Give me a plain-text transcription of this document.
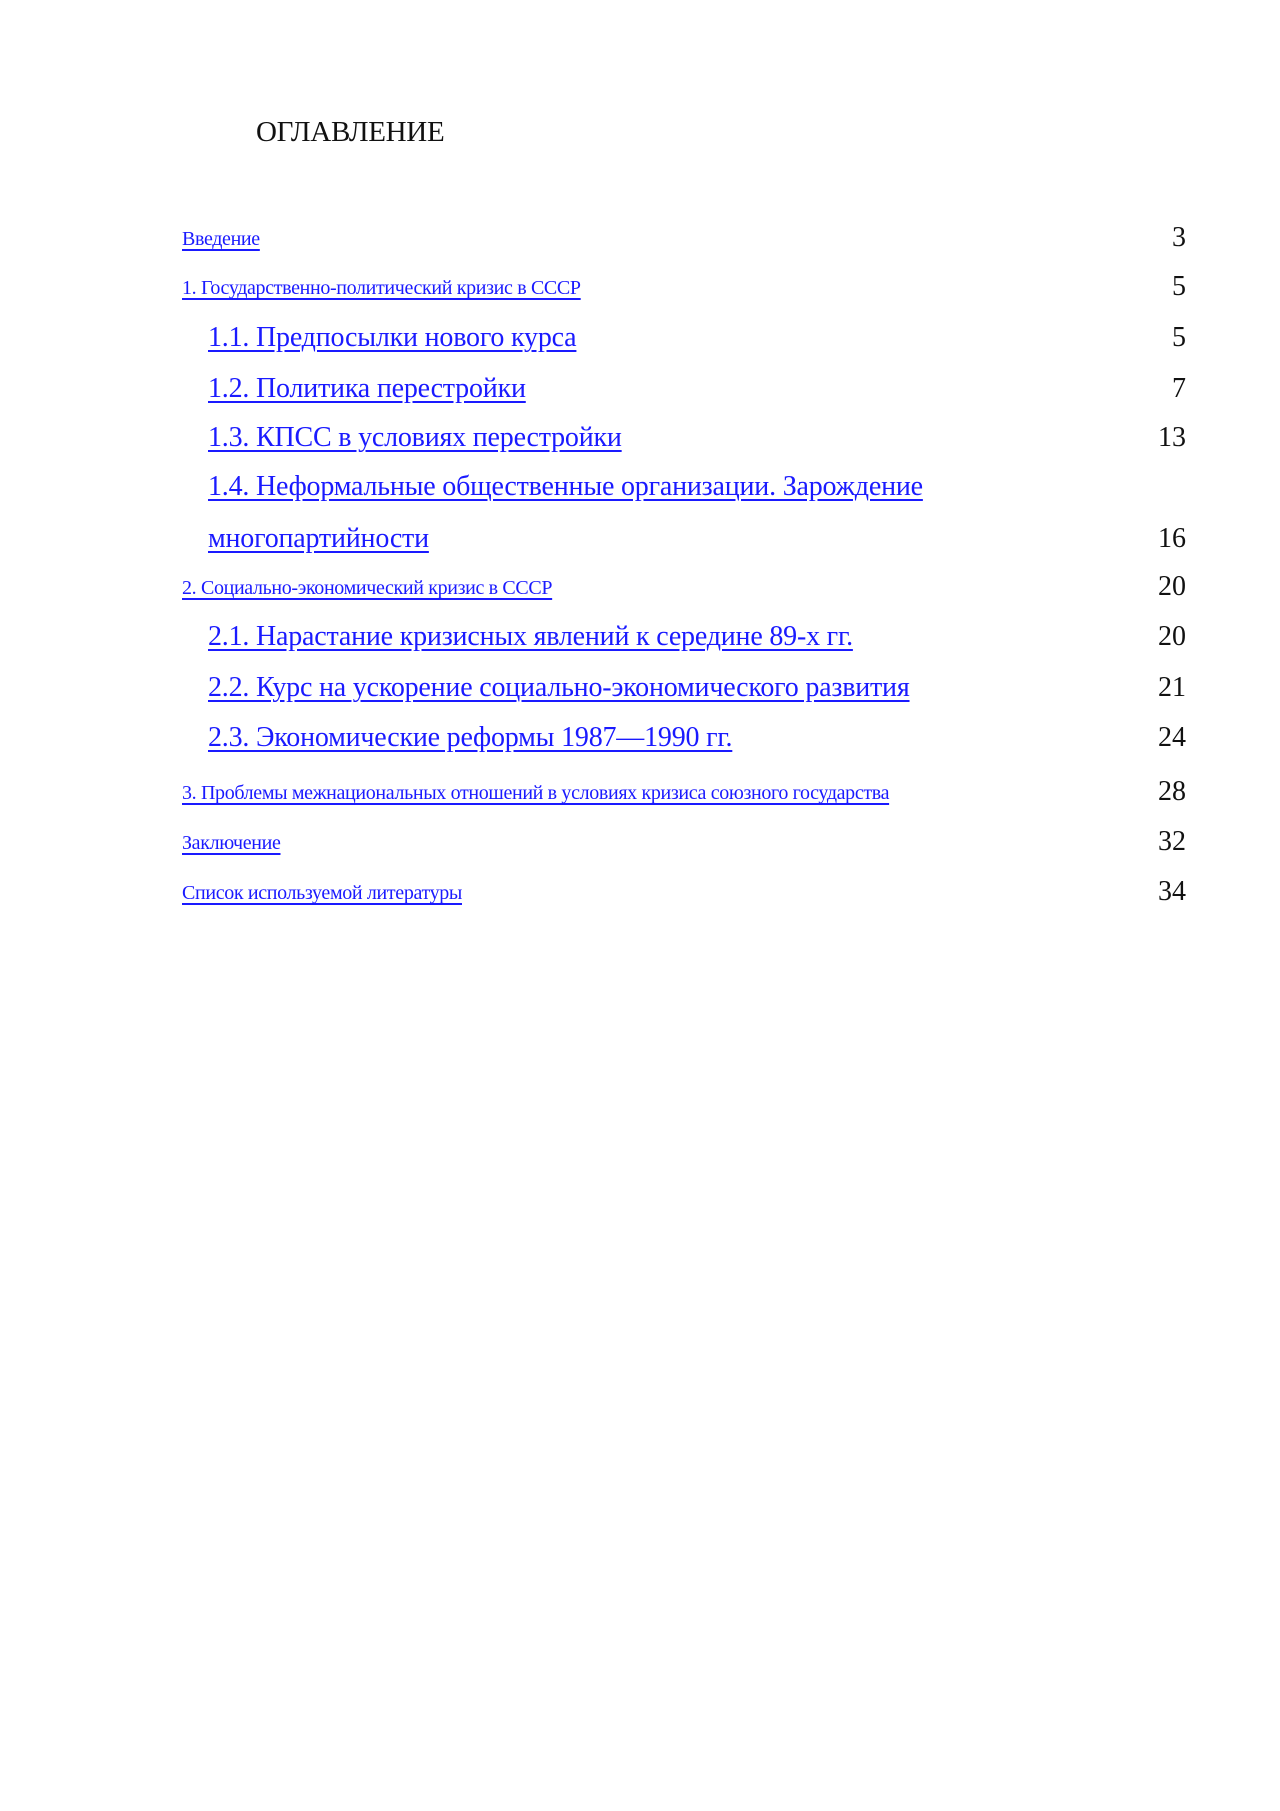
ОГЛАВЛЕНИЕ
Введение	3
1. Государственно-политический кризис в СССР	5
1.1. Предпосылки нового курса	5
1.2. Политика перестройки	7
1.3. КПСС в условиях перестройки	13
1.4. Неформальные общественные организации. Зарождение
многопартийности	16
2. Социально-экономический кризис в СССР	20
2.1. Нарастание кризисных явлений к середине 89-х гг.	20
2.2. Курс на ускорение социально-экономического развития	21
2.3. Экономические реформы 1987—1990 гг.	24
3. Проблемы межнациональных отношений в условиях кризиса союзного государства	28
Заключение	32
Список используемой литературы	34
